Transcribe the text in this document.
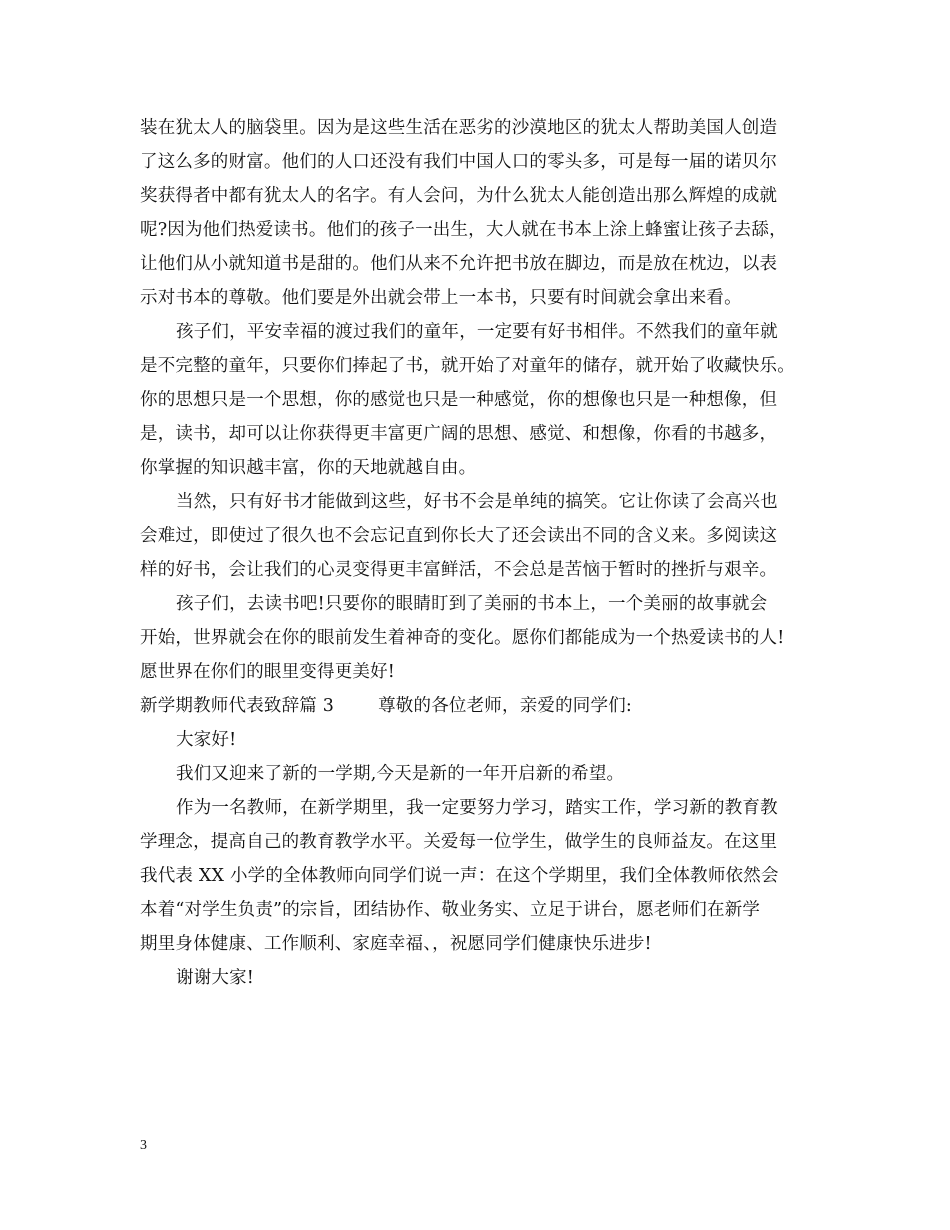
装在犹太人的脑袋里。因为是这些生活在恶劣的沙漠地区的犹太人帮助美国人创造
了这么多的财富。他们的人口还没有我们中国人口的零头多，可是每一届的诺贝尔
奖获得者中都有犹太人的名字。有人会问，为什么犹太人能创造出那么辉煌的成就
呢?因为他们热爱读书。他们的孩子一出生，大人就在书本上涂上蜂蜜让孩子去舔，
让他们从小就知道书是甜的。他们从来不允许把书放在脚边，而是放在枕边，以表
示对书本的尊敬。他们要是外出就会带上一本书，只要有时间就会拿出来看。
孩子们，平安幸福的渡过我们的童年，一定要有好书相伴。不然我们的童年就
是不完整的童年，只要你们捧起了书，就开始了对童年的储存，就开始了收藏快乐。
你的思想只是一个思想，你的感觉也只是一种感觉，你的想像也只是一种想像，但
是，读书，却可以让你获得更丰富更广阔的思想、感觉、和想像，你看的书越多，
你掌握的知识越丰富，你的天地就越自由。
当然，只有好书才能做到这些，好书不会是单纯的搞笑。它让你读了会高兴也
会难过，即使过了很久也不会忘记直到你长大了还会读出不同的含义来。多阅读这
样的好书，会让我们的心灵变得更丰富鲜活，不会总是苦恼于暂时的挫折与艰辛。
孩子们，去读书吧!只要你的眼睛盯到了美丽的书本上，一个美丽的故事就会
开始，世界就会在你的眼前发生着神奇的变化。愿你们都能成为一个热爱读书的人!
愿世界在你们的眼里变得更美好!
新学期教师代表致辞篇 3	尊敬的各位老师，亲爱的同学们:
大家好!
我们又迎来了新的一学期,今天是新的一年开启新的希望。
作为一名教师，在新学期里，我一定要努力学习，踏实工作，学习新的教育教
学理念，提高自己的教育教学水平。关爱每一位学生，做学生的良师益友。在这里
我代表 XX 小学的全体教师向同学们说一声：在这个学期里，我们全体教师依然会
本着“对学生负责”的宗旨，团结协作、敬业务实、立足于讲台，愿老师们在新学
期里身体健康、工作顺利、家庭幸福、，祝愿同学们健康快乐进步!
谢谢大家!
3
